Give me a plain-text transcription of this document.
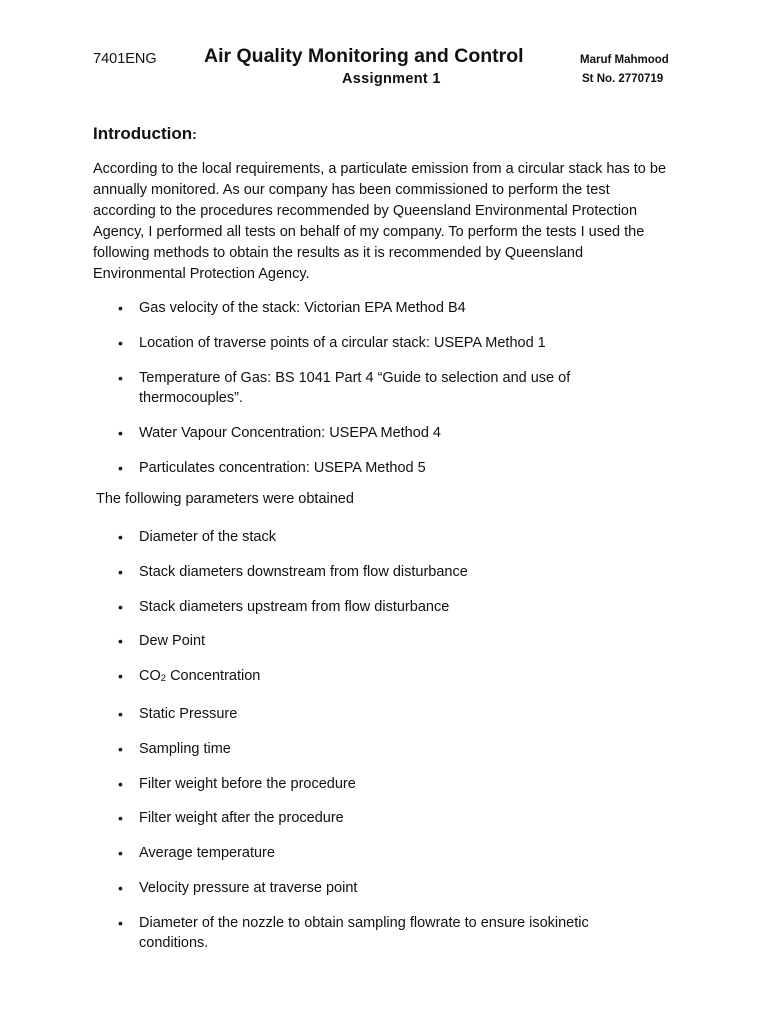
7401ENG Air Quality Monitoring and Control
Assignment 1
Maruf Mahmood
St No. 2770719
Introduction:

According to the local requirements, a particulate emission from a circular stack has to be annually monitored. As our company has been commissioned to perform the test according to the procedures recommended by Queensland Environmental Protection Agency, I performed all tests on behalf of my company. To perform the tests I used the following methods to obtain the results as it is recommended by Queensland Environmental Protection Agency.

• Gas velocity of the stack: Victorian EPA Method B4
• Location of traverse points of a circular stack: USEPA Method 1
• Temperature of Gas: BS 1041 Part 4 “Guide to selection and use of thermocouples”.
• Water Vapour Concentration: USEPA Method 4
• Particulates concentration: USEPA Method 5
The following parameters were obtained
• Diameter of the stack
• Stack diameters downstream from flow disturbance
• Stack diameters upstream from flow disturbance
• Dew Point
• $CO_2$ Concentration
• Static Pressure
• Sampling time
• Filter weight before the procedure
• Filter weight after the procedure
• Average temperature
• Velocity pressure at traverse point
• Diameter of the nozzle to obtain sampling flowrate to ensure isokinetic conditions.
